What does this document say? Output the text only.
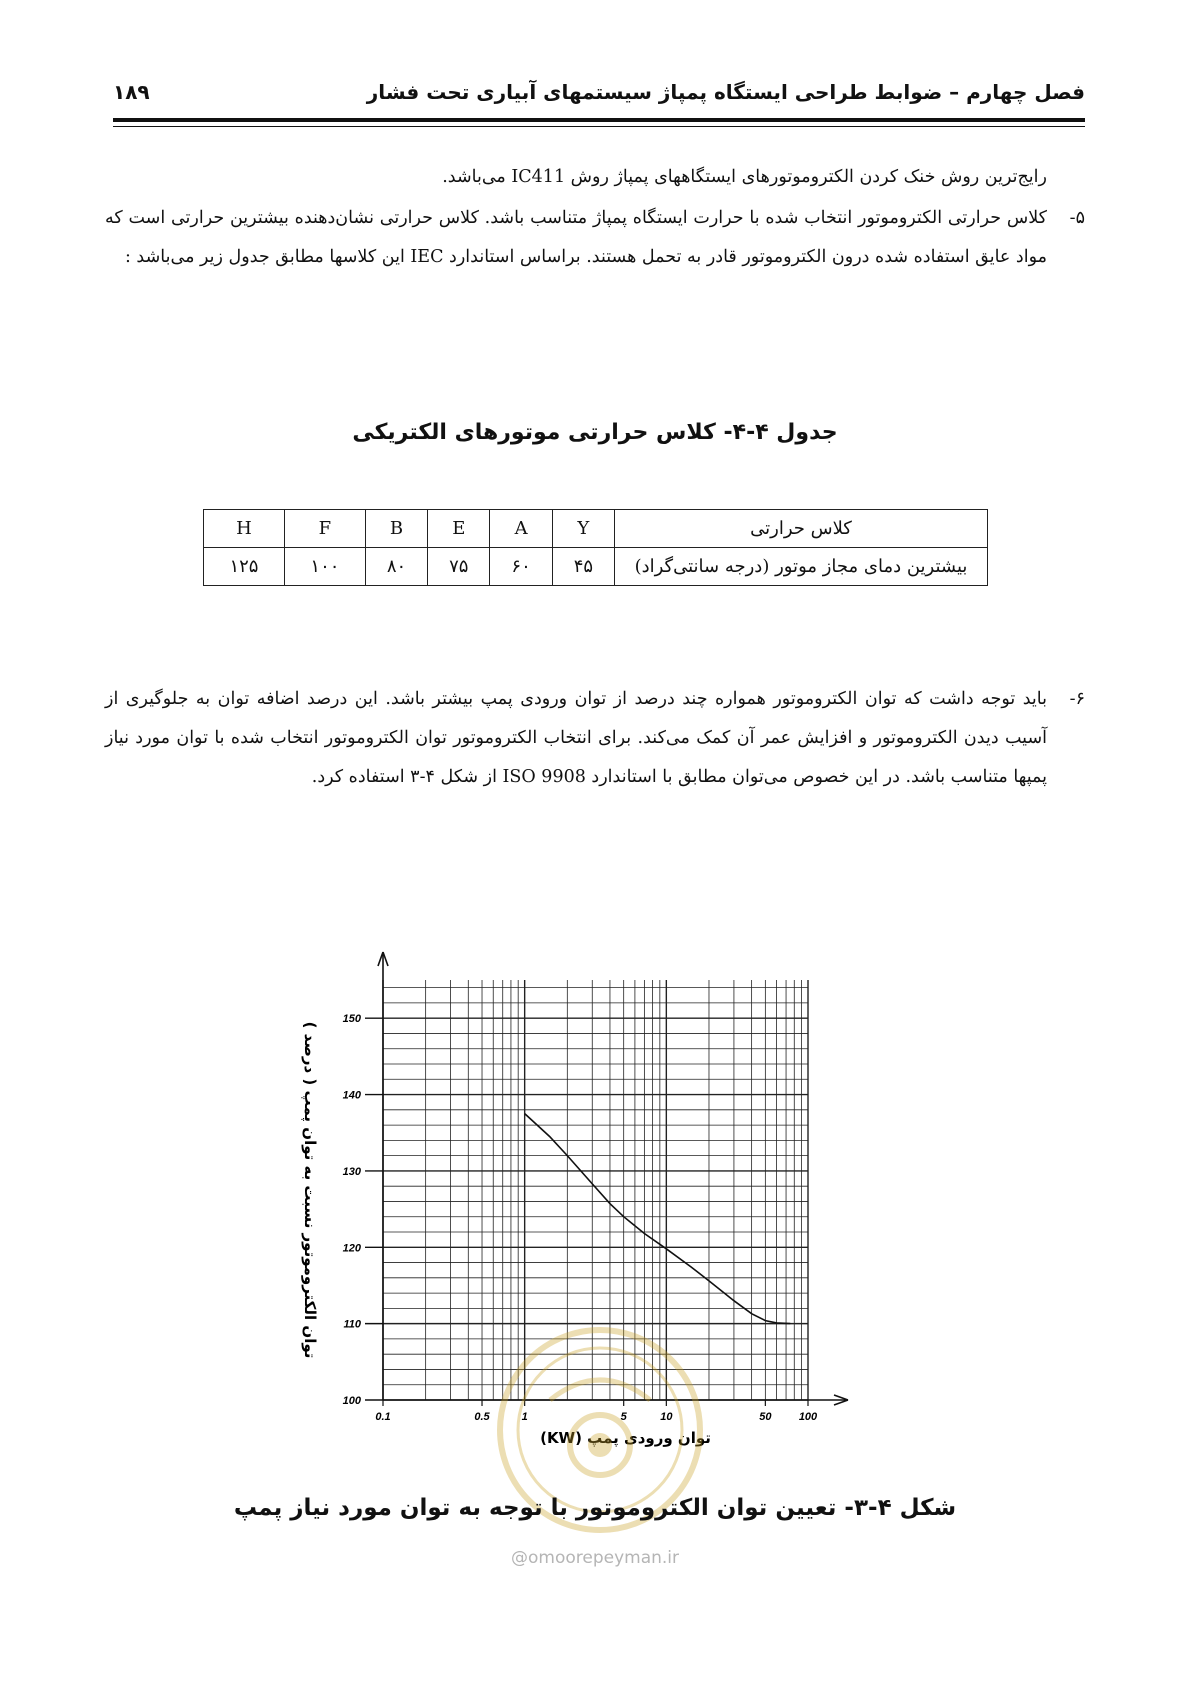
فصل چهارم – ضوابط طراحی ایستگاه پمپاژ سیستمهای آبیاری تحت فشار
۱۸۹
رایج‌ترین روش خنک کردن الکتروموتورهای ایستگاههای پمپاژ روش IC411 می‌باشد.
۵-
کلاس حرارتی الکتروموتور انتخاب شده با حرارت ایستگاه پمپاژ متناسب باشد. کلاس حرارتی نشان‌دهنده بیشترین حرارتی است که مواد عایق استفاده شده درون الکتروموتور قادر به تحمل هستند. براساس استاندارد IEC این کلاسها مطابق جدول زیر می‌باشد :
جدول ۴-۴- کلاس حرارتی موتورهای الکتریکی
کلاس حرارتی	Y	A	E	B	F	H
بیشترین دمای مجاز موتور (درجه سانتی‌گراد)	۴۵	۶۰	۷۵	۸۰	۱۰۰	۱۲۵
۶-
باید توجه داشت که توان الکتروموتور همواره چند درصد از توان ورودی پمپ بیشتر باشد. این درصد اضافه توان به جلوگیری از آسیب دیدن الکتروموتور و افزایش عمر آن کمک می‌کند. برای انتخاب الکتروموتور توان الکتروموتور انتخاب شده با توان مورد نیاز پمپها متناسب باشد. در این خصوص می‌توان مطابق با استاندارد ISO 9908 از شکل ۴-۳ استفاده کرد.
100
110
120
130
140
150
0.1	0.5	1	5	10	50 100
توان ورودی پمپ (KW)
توان الکتروموتور نسبت به توان پمپ ( درصد )
شکل ۴-۳- تعیین توان الکتروموتور با توجه به توان مورد نیاز پمپ
@omoorepeyman.ir
